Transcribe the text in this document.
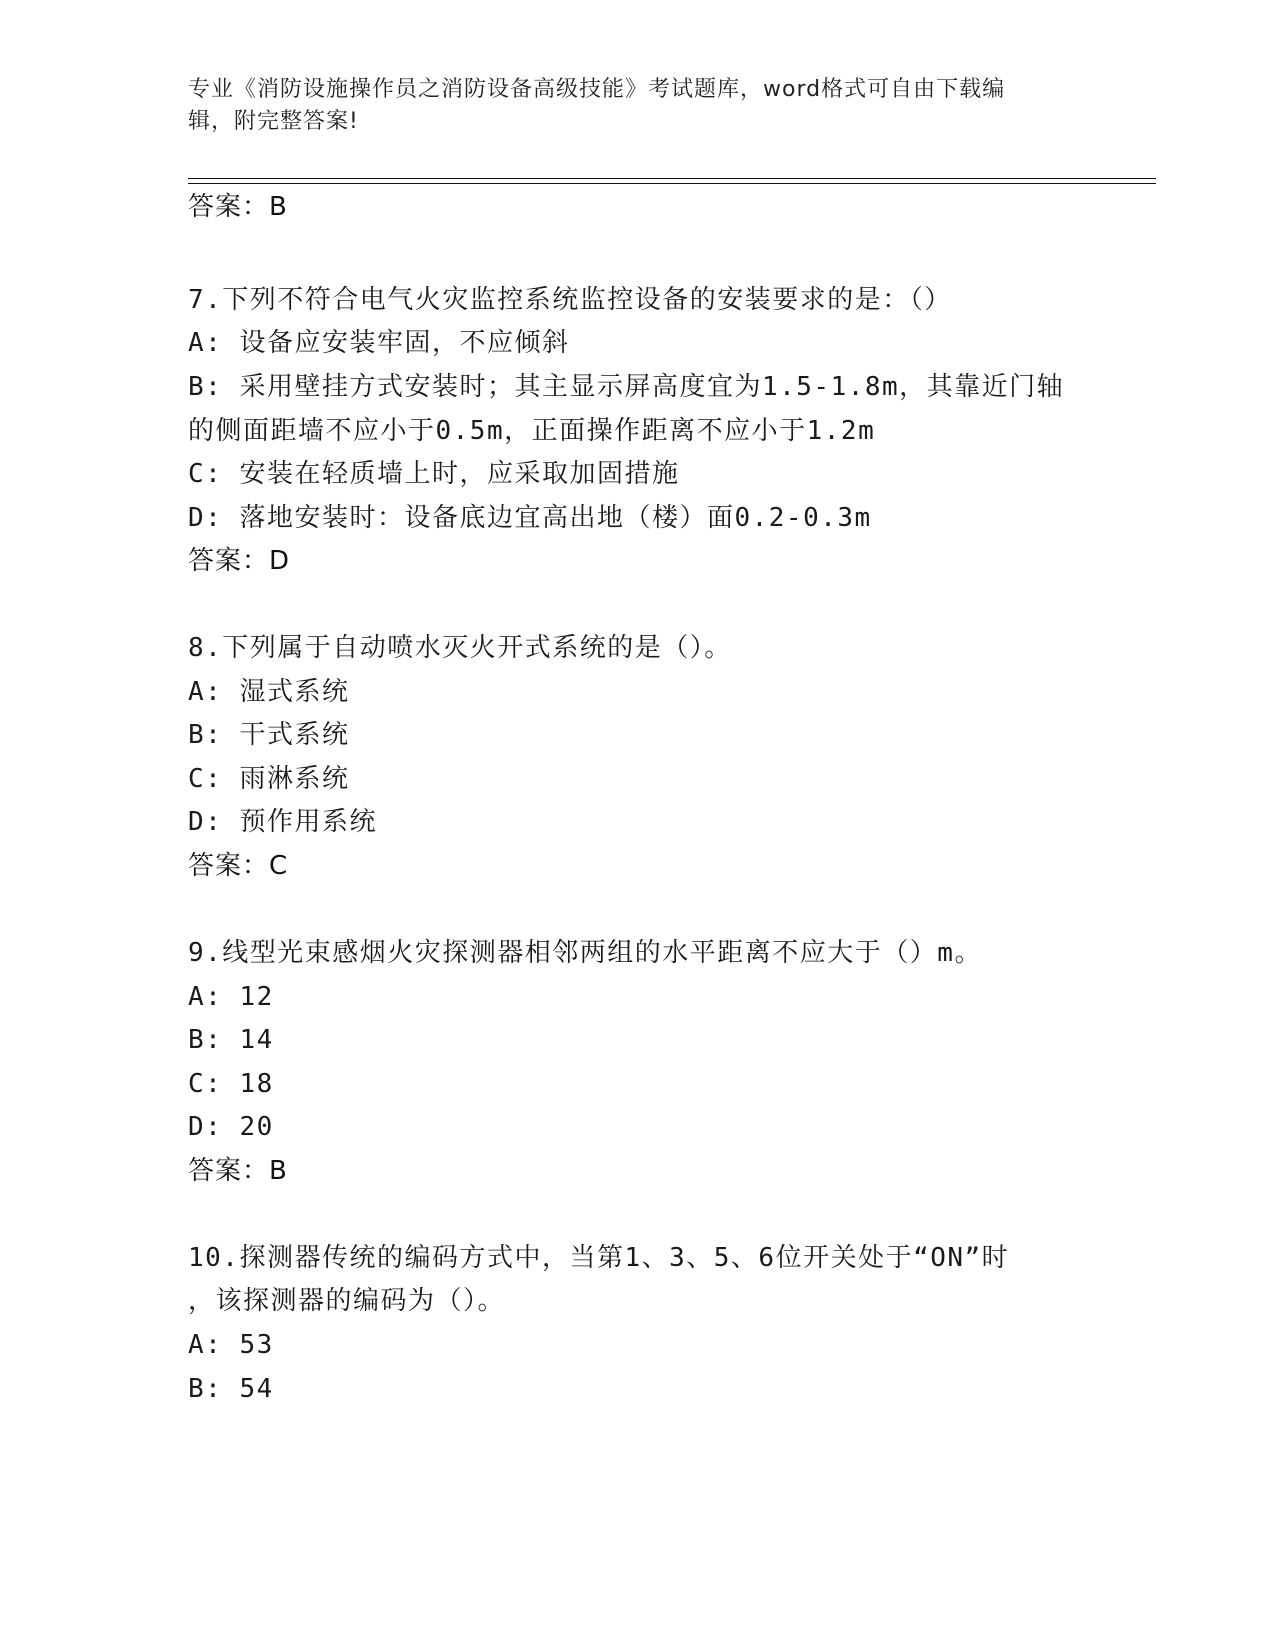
专业《消防设施操作员之消防设备高级技能》考试题库，word格式可自由下载编
辑，附完整答案!
答案：B
7.下列不符合电气火灾监控系统监控设备的安装要求的是：（）
A: 设备应安装牢固，不应倾斜
B: 采用壁挂方式安装时；其主显示屏高度宜为1.5-1.8m，其靠近门轴
的侧面距墙不应小于0.5m，正面操作距离不应小于1.2m
C: 安装在轻质墙上时，应采取加固措施
D: 落地安装时：设备底边宜高出地（楼）面0.2-0.3m
答案：D
8.下列属于自动喷水灭火开式系统的是（）。
A: 湿式系统
B: 干式系统
C: 雨淋系统
D: 预作用系统
答案：C
9.线型光束感烟火灾探测器相邻两组的水平距离不应大于（）m。
A: 12
B: 14
C: 18
D: 20
答案：B
10.探测器传统的编码方式中，当第1、3、5、6位开关处于“ON”时
，该探测器的编码为（）。
A: 53
B: 54
